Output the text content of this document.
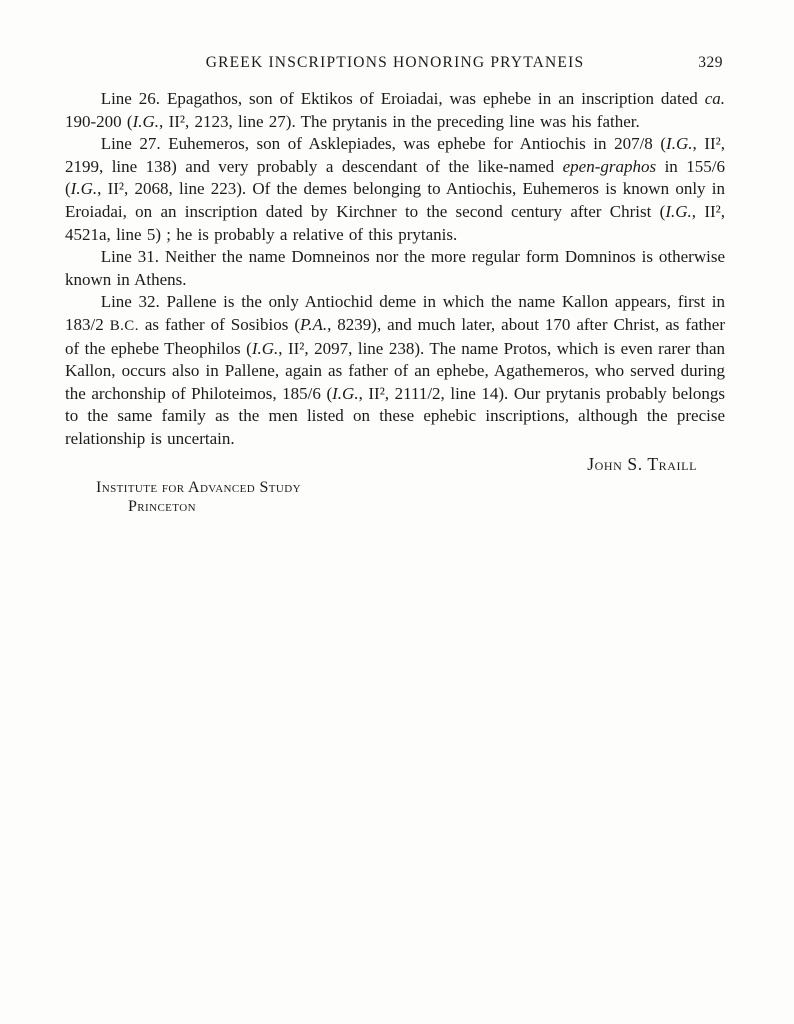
GREEK INSCRIPTIONS HONORING PRYTANEIS	329

Line 26. Epagathos, son of Ektikos of Eroiadai, was ephebe in an inscription dated ca. 190-200 (I.G., II², 2123, line 27). The prytanis in the preceding line was his father.

Line 27. Euhemeros, son of Asklepiades, was ephebe for Antiochis in 207/8 (I.G., II², 2199, line 138) and very probably a descendant of the like-named epen-graphos in 155/6 (I.G., II², 2068, line 223). Of the demes belonging to Antiochis, Euhemeros is known only in Eroiadai, on an inscription dated by Kirchner to the second century after Christ (I.G., II², 4521a, line 5) ; he is probably a relative of this prytanis.

Line 31. Neither the name Domneinos nor the more regular form Domninos is otherwise known in Athens.

Line 32. Pallene is the only Antiochid deme in which the name Kallon appears, first in 183/2 B.C. as father of Sosibios (P.A., 8239), and much later, about 170 after Christ, as father of the ephebe Theophilos (I.G., II², 2097, line 238). The name Protos, which is even rarer than Kallon, occurs also in Pallene, again as father of an ephebe, Agathemeros, who served during the archonship of Philoteimos, 185/6 (I.G., II², 2111/2, line 14). Our prytanis probably belongs to the same family as the men listed on these ephebic inscriptions, although the precise relationship is uncertain.

John S. Traill
Institute for Advanced Study
Princeton
